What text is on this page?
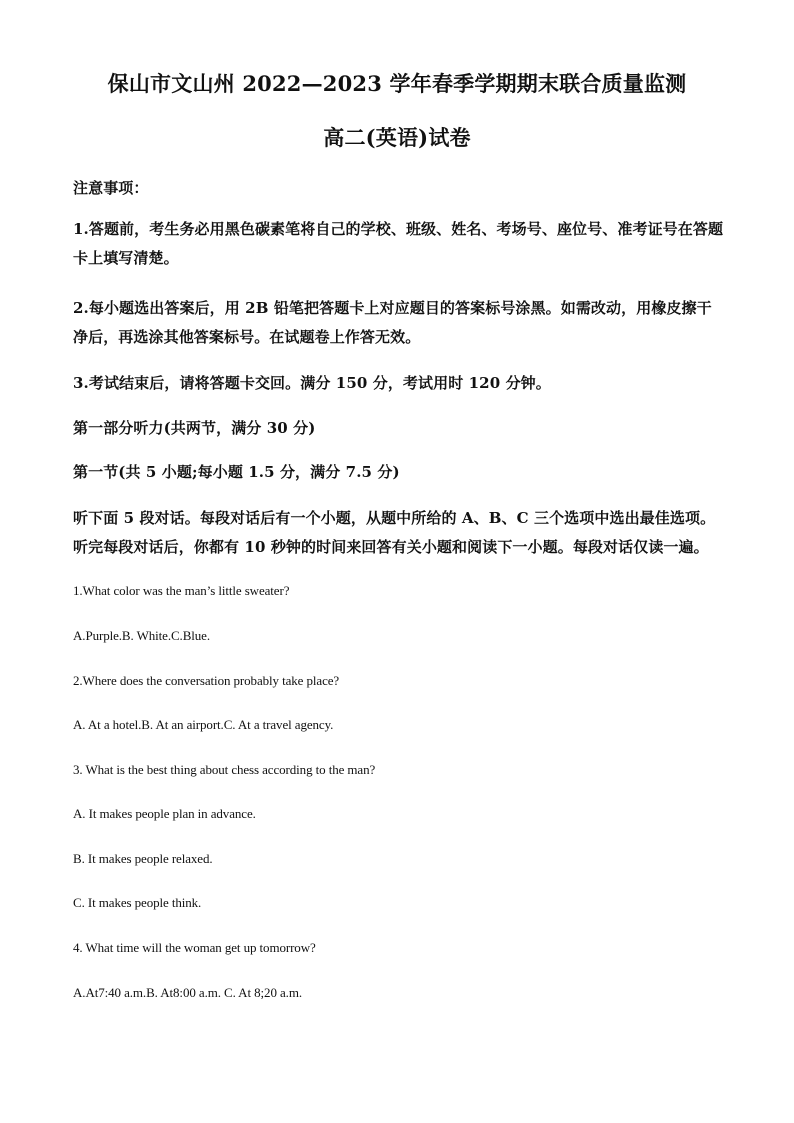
保山市文山州 2022—2023 学年春季学期期末联合质量监测
高二(英语)试卷
注意事项：
1.答题前，考生务必用黑色碳素笔将自己的学校、班级、姓名、考场号、座位号、准考证号在答题卡上填写清楚。
2.每小题选出答案后，用 2B 铅笔把答题卡上对应题目的答案标号涂黑。如需改动，用橡皮擦干净后，再选涂其他答案标号。在试题卷上作答无效。
3.考试结束后，请将答题卡交回。满分 150 分，考试用时 120 分钟。
第一部分听力(共两节，满分 30 分)
第一节(共 5 小题;每小题 1.5 分，满分 7.5 分)
听下面 5 段对话。每段对话后有一个小题，从题中所给的 A、B、C 三个选项中选出最佳选项。听完每段对话后，你都有 10 秒钟的时间来回答有关小题和阅读下一小题。每段对话仅读一遍。
1.What color was the man’s little sweater?
A.Purple.B. White.C.Blue.
2.Where does the conversation probably take place?
A. At a hotel.B. At an airport.C. At a travel agency.
3. What is the best thing about chess according to the man?
A. It makes people plan in advance.
B. It makes people relaxed.
C. It makes people think.
4. What time will the woman get up tomorrow?
A.At7:40 a.m.B. At8:00 a.m. C. At 8;20 a.m.
